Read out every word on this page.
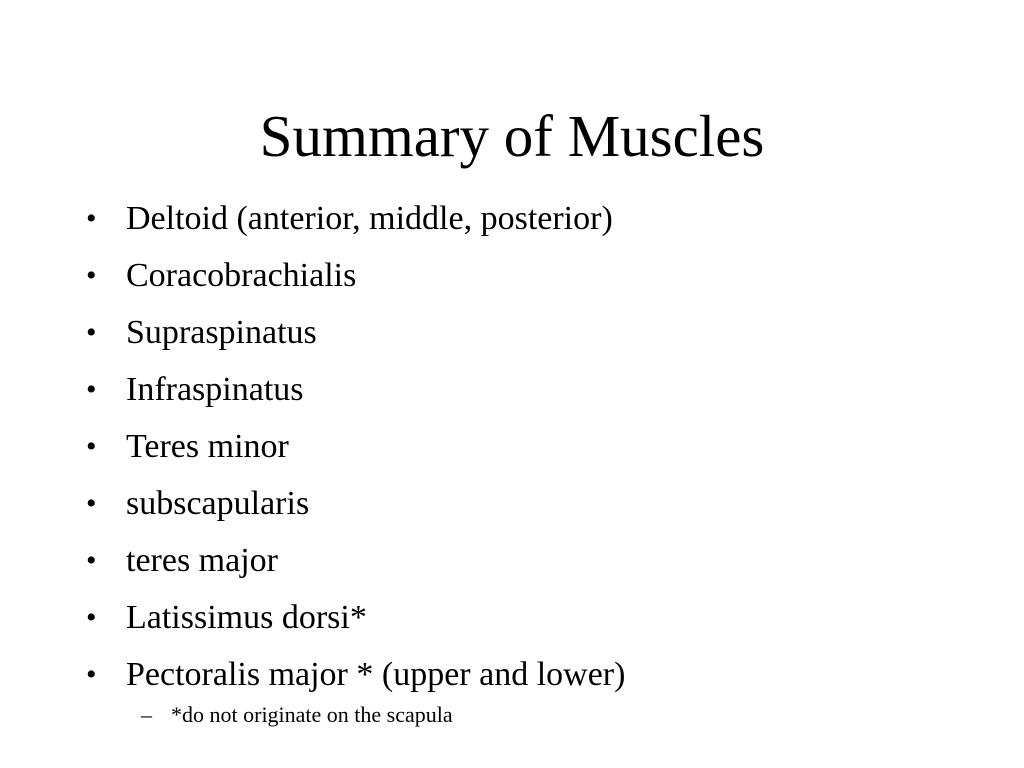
Summary of Muscles
• Deltoid (anterior, middle, posterior)
• Coracobrachialis
• Supraspinatus
• Infraspinatus
• Teres minor
• subscapularis
• teres major
• Latissimus dorsi*
• Pectoralis major * (upper and lower)
– *do not originate on the scapula
